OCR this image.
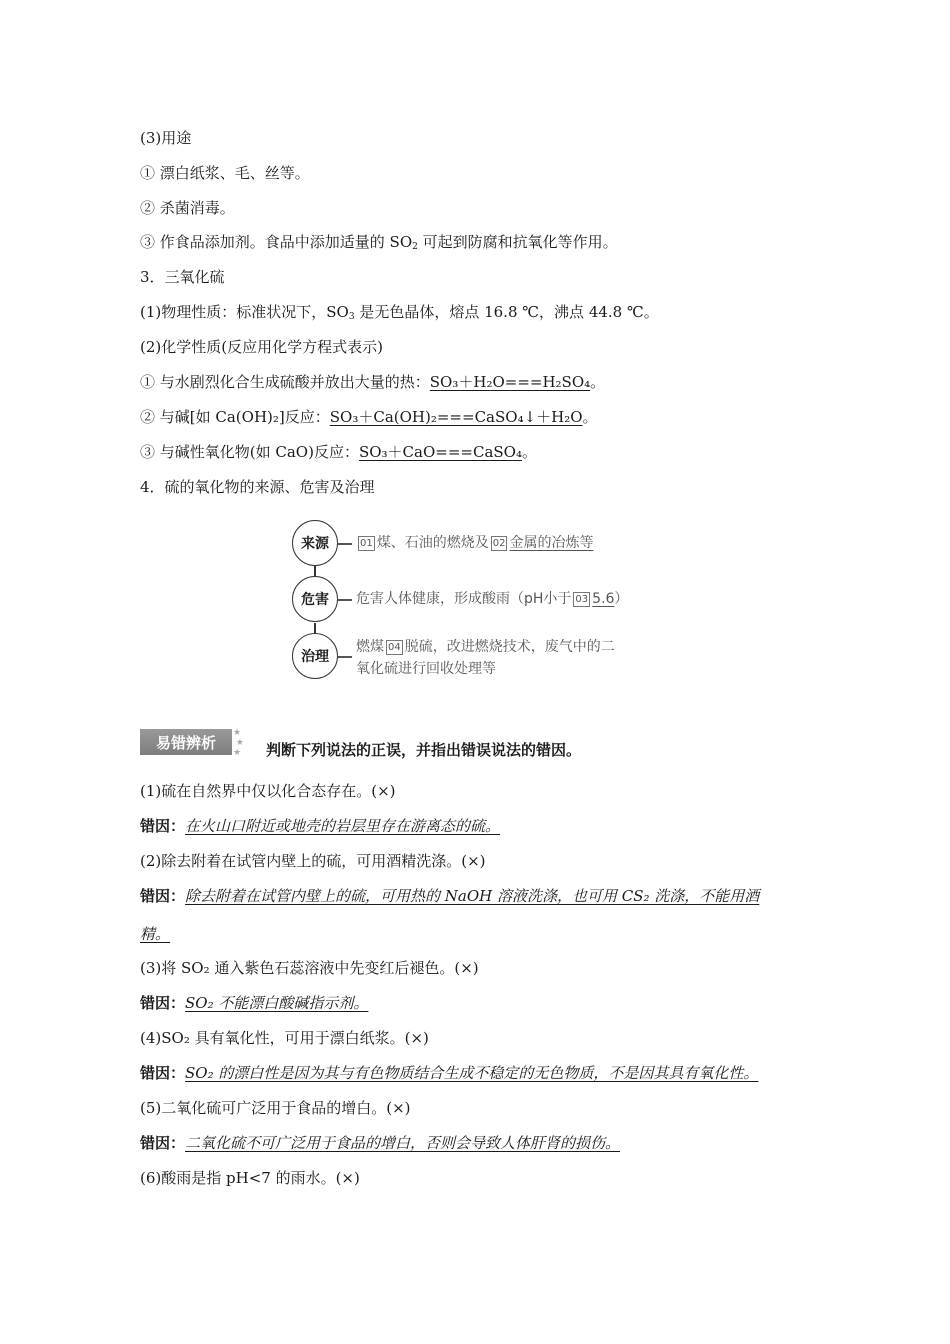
(3)用途
① 漂白纸浆、毛、丝等。
② 杀菌消毒。
③ 作食品添加剂。食品中添加适量的 $SO_2$ 可起到防腐和抗氧化等作用。
3．三氧化硫
(1)物理性质：标准状况下，$SO_3$ 是无色晶体，熔点 16.8 ℃，沸点 44.8 ℃。
(2)化学性质(反应用化学方程式表示)
① 与水剧烈化合生成硫酸并放出大量的热：SO₃＋H₂O===H₂SO₄。
② 与碱[如 Ca(OH)₂]反应：SO₃＋Ca(OH)₂===CaSO₄↓＋H₂O。
③ 与碱性氧化物(如 CaO)反应：SO₃＋CaO===CaSO₄。
4．硫的氧化物的来源、危害及治理
来源	01 煤、石油的燃烧及 02 金属的冶炼等
危害 危害人体健康，形成酸雨（pH小于 03 5.6）
治理
燃煤 04 脱硫，改进燃烧技术，废气中的二
氧化硫进行回收处理等
易错辨析
★
★
★	判断下列说法的正误，并指出错误说法的错因。
(1)硫在自然界中仅以化合态存在。(×)
错因：在火山口附近或地壳的岩层里存在游离态的硫。
(2)除去附着在试管内壁上的硫，可用酒精洗涤。(×)
错因：除去附着在试管内壁上的硫，可用热的 NaOH 溶液洗涤，也可用 CS₂ 洗涤，不能用酒
精。
(3)将 SO₂ 通入紫色石蕊溶液中先变红后褪色。(×)
错因：SO₂ 不能漂白酸碱指示剂。
(4)SO₂ 具有氧化性，可用于漂白纸浆。(×)
错因：SO₂ 的漂白性是因为其与有色物质结合生成不稳定的无色物质，不是因其具有氧化性。
(5)二氧化硫可广泛用于食品的增白。(×)
错因：二氧化硫不可广泛用于食品的增白，否则会导致人体肝肾的损伤。
(6)酸雨是指 pH<7 的雨水。(×)
